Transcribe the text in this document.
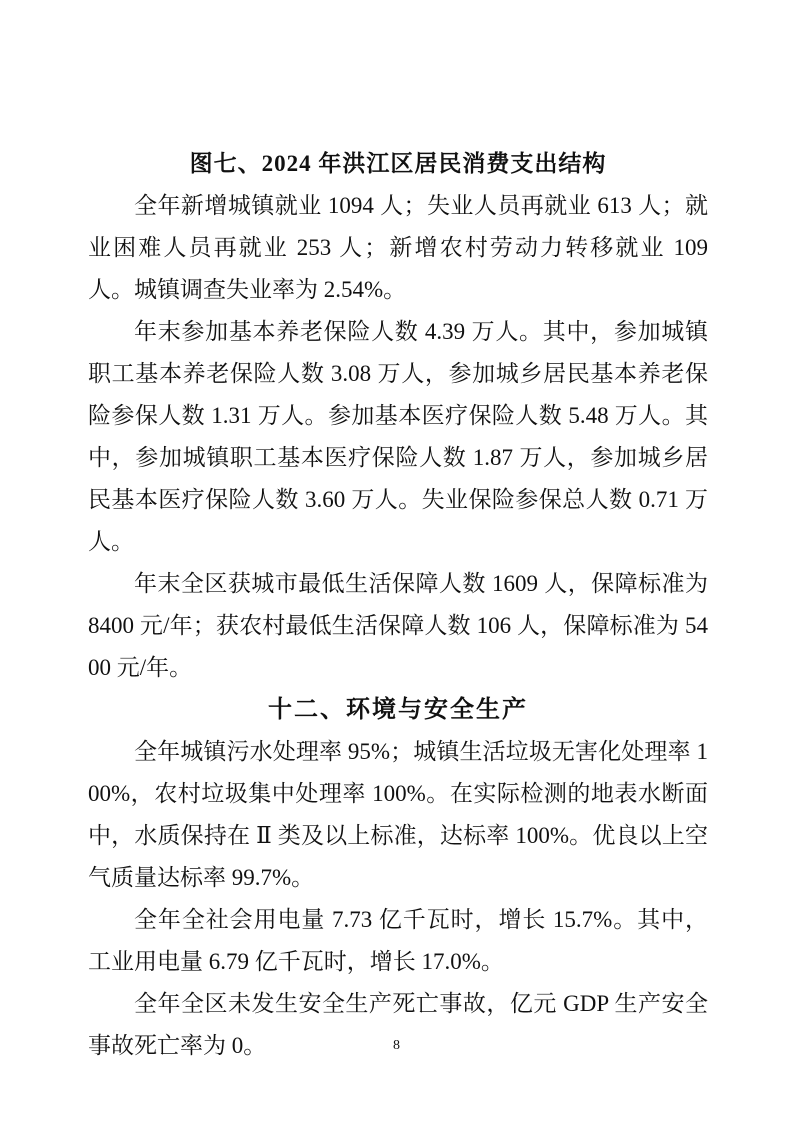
图七、2024 年洪江区居民消费支出结构

全年新增城镇就业 1094 人；失业人员再就业 613 人；就业困难人员再就业 253 人；新增农村劳动力转移就业 109 人。城镇调查失业率为 2.54%。

年末参加基本养老保险人数 4.39 万人。其中，参加城镇职工基本养老保险人数 3.08 万人，参加城乡居民基本养老保险参保人数 1.31 万人。参加基本医疗保险人数 5.48 万人。其中，参加城镇职工基本医疗保险人数 1.87 万人，参加城乡居民基本医疗保险人数 3.60 万人。失业保险参保总人数 0.71 万人。

年末全区获城市最低生活保障人数 1609 人，保障标准为 8400 元/年；获农村最低生活保障人数 106 人，保障标准为 5400 元/年。

十二、环境与安全生产

全年城镇污水处理率 95%；城镇生活垃圾无害化处理率 100%，农村垃圾集中处理率 100%。在实际检测的地表水断面中，水质保持在 Ⅱ 类及以上标准，达标率 100%。优良以上空气质量达标率 99.7%。

全年全社会用电量 7.73 亿千瓦时，增长 15.7%。其中，工业用电量 6.79 亿千瓦时，增长 17.0%。

全年全区未发生安全生产死亡事故，亿元 GDP 生产安全事故死亡率为 0。	8
